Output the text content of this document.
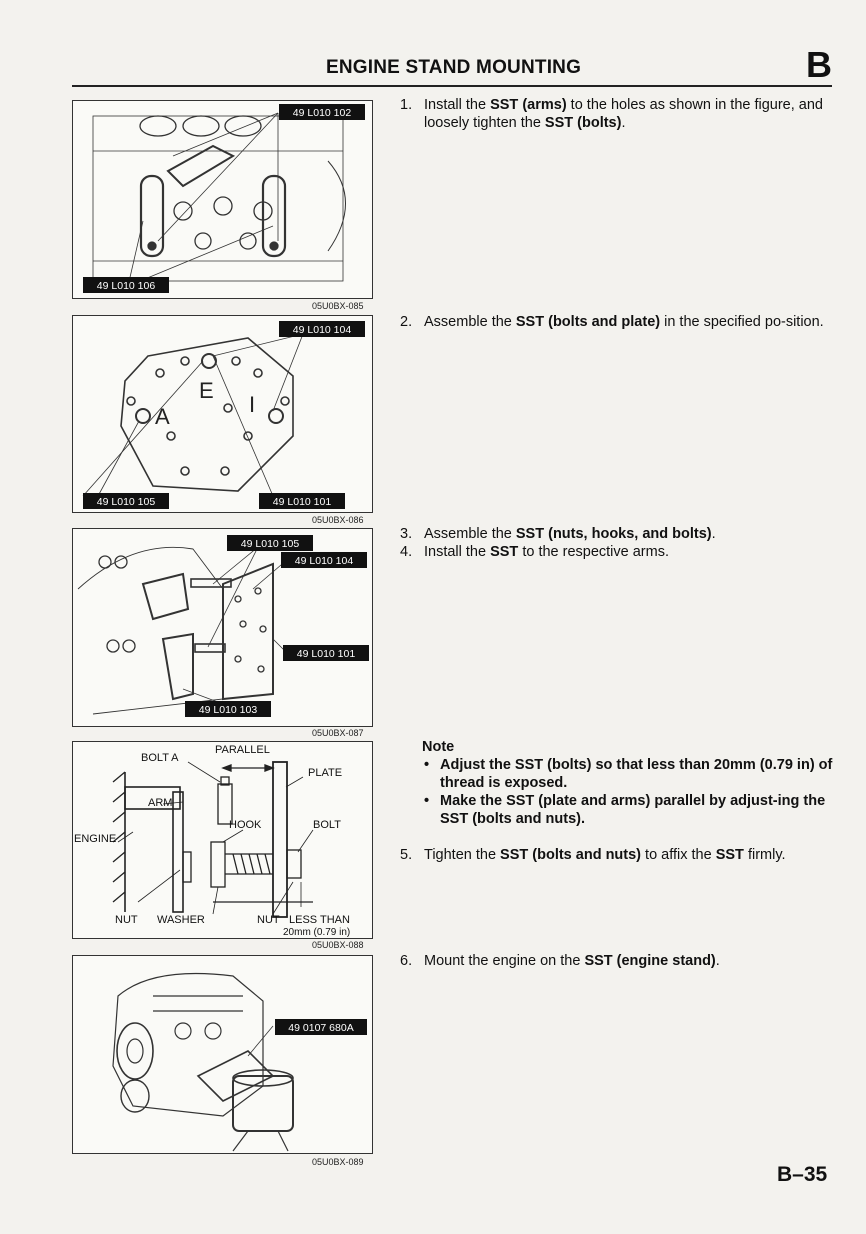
ENGINE STAND MOUNTING	B
49 L010 102
49 L010 106
05U0BX-085
E
A	I
49 L010 104
49 L010 105	49 L010 101
05U0BX-086
49 L010 105
49 L010 104
49 L010 101
49 L010 103
05U0BX-087
BOLT A
PARALLEL
PLATE
ARM
HOOK	BOLT
ENGINE
NUT WASHER	NUT LESS THAN
20mm (0.79 in)
05U0BX-088
49 0107 680A
05U0BX-089
1. Install the SST (arms) to the holes as shown in the figure, and loosely tighten the SST (bolts).
2. Assemble the SST (bolts and plate) in the specified po-sition.
3. Assemble the SST (nuts, hooks, and bolts).
4. Install the SST to the respective arms.
Note
• Adjust the SST (bolts) so that less than 20mm (0.79 in) of thread is exposed.
• Make the SST (plate and arms) parallel by adjust-ing the SST (bolts and nuts).
5. Tighten the SST (bolts and nuts) to affix the SST firmly.
6. Mount the engine on the SST (engine stand).
B–35
